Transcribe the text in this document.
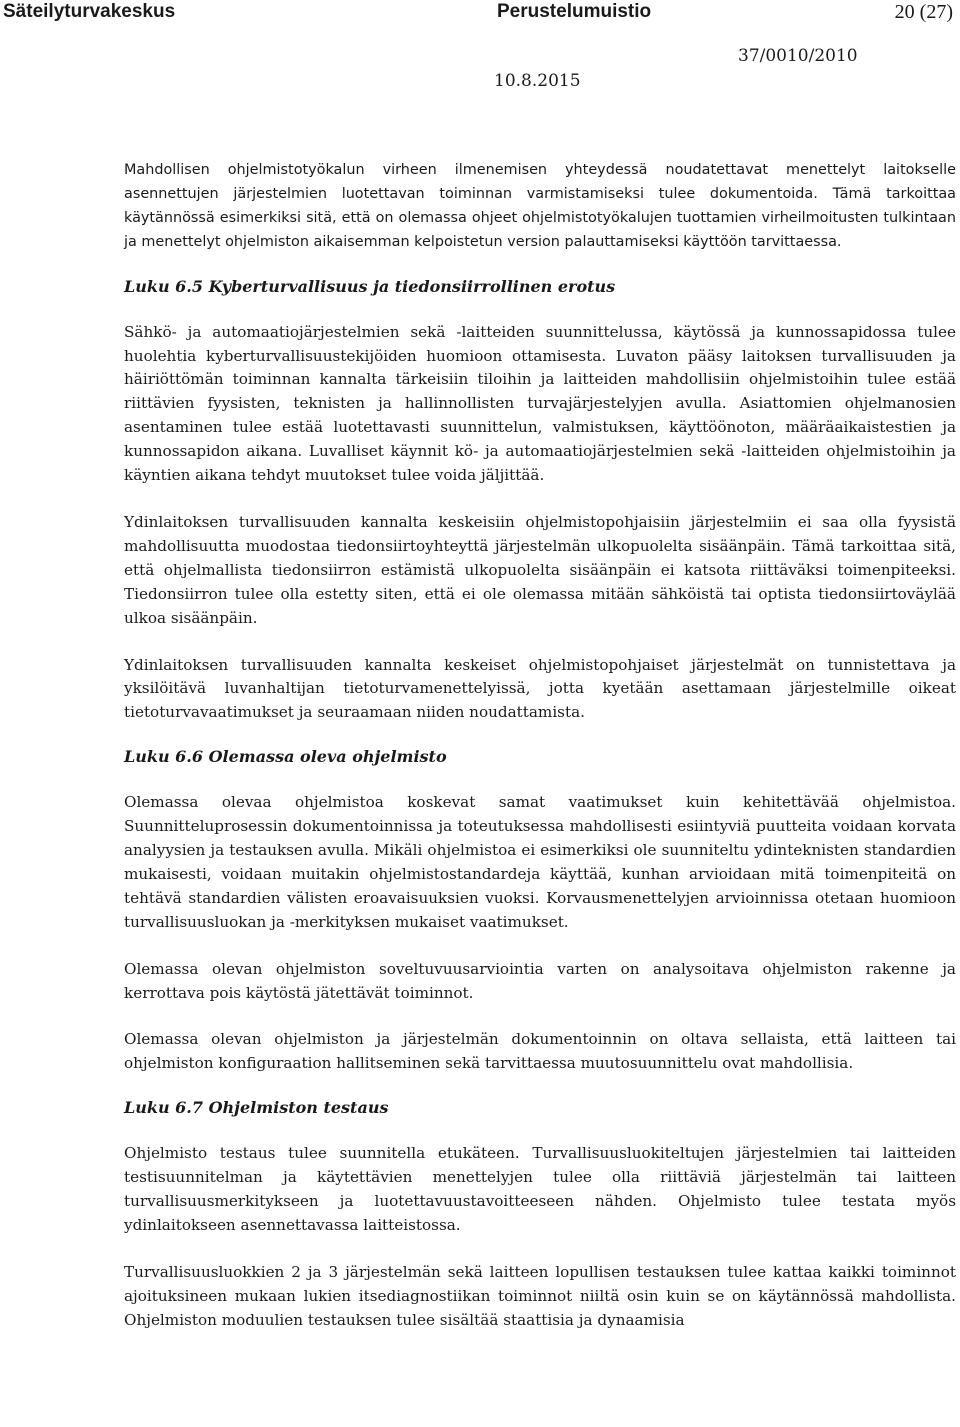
Säteilyturvakeskus	Perustelumuistio	20 (27)
37/0010/2010
10.8.2015

Mahdollisen ohjelmistotyökalun virheen ilmenemisen yhteydessä noudatettavat menettelyt laitokselle asennettujen järjestelmien luotettavan toiminnan varmistamiseksi tulee dokumentoida. Tämä tarkoittaa käytännössä esimerkiksi sitä, että on olemassa ohjeet ohjelmistotyökalujen tuottamien virheilmoitusten tulkintaan ja menettelyt ohjelmiston aikaisemman kelpoistetun version palauttamiseksi käyttöön tarvittaessa.

Luku 6.5 Kyberturvallisuus ja tiedonsiirrollinen erotus

Sähkö- ja automaatiojärjestelmien sekä -laitteiden suunnittelussa, käytössä ja kunnossapidossa tulee huolehtia kyberturvallisuustekijöiden huomioon ottamisesta. Luvaton pääsy laitoksen turvallisuuden ja häiriöttömän toiminnan kannalta tärkeisiin tiloihin ja laitteiden mahdollisiin ohjelmistoihin tulee estää riittävien fyysisten, teknisten ja hallinnollisten turvajärjestelyjen avulla. Asiattomien ohjelmanosien asentaminen tulee estää luotettavasti suunnittelun, valmistuksen, käyttöönoton, määräaikaistestien ja kunnossapidon aikana. Luvalliset käynnit kö- ja automaatiojärjestelmien sekä -laitteiden ohjelmistoihin ja käyntien aikana tehdyt muutokset tulee voida jäljittää.

Ydinlaitoksen turvallisuuden kannalta keskeisiin ohjelmistopohjaisiin järjestelmiin ei saa olla fyysistä mahdollisuutta muodostaa tiedonsiirtoyhteyttä järjestelmän ulkopuolelta sisäänpäin. Tämä tarkoittaa sitä, että ohjelmallista tiedonsiirron estämistä ulkopuolelta sisäänpäin ei katsota riittäväksi toimenpiteeksi. Tiedonsiirron tulee olla estetty siten, että ei ole olemassa mitään sähköistä tai optista tiedonsiirtoväylää ulkoa sisäänpäin.

Ydinlaitoksen turvallisuuden kannalta keskeiset ohjelmistopohjaiset järjestelmät on tunnistettava ja yksilöitävä luvanhaltijan tietoturvamenettelyissä, jotta kyetään asettamaan järjestelmille oikeat tietoturvavaatimukset ja seuraamaan niiden noudattamista.

Luku 6.6 Olemassa oleva ohjelmisto

Olemassa olevaa ohjelmistoa koskevat samat vaatimukset kuin kehitettävää ohjelmistoa. Suunnitteluprosessin dokumentoinnissa ja toteutuksessa mahdollisesti esiintyviä puutteita voidaan korvata analyysien ja testauksen avulla. Mikäli ohjelmistoa ei esimerkiksi ole suunniteltu ydinteknisten standardien mukaisesti, voidaan muitakin ohjelmistostandardeja käyttää, kunhan arvioidaan mitä toimenpiteitä on tehtävä standardien välisten eroavaisuuksien vuoksi. Korvausmenettelyjen arvioinnissa otetaan huomioon turvallisuusluokan ja -merkityksen mukaiset vaatimukset.

Olemassa olevan ohjelmiston soveltuvuusarviointia varten on analysoitava ohjelmiston rakenne ja kerrottava pois käytöstä jätettävät toiminnot.

Olemassa olevan ohjelmiston ja järjestelmän dokumentoinnin on oltava sellaista, että laitteen tai ohjelmiston konfiguraation hallitseminen sekä tarvittaessa muutosuunnittelu ovat mahdollisia.

Luku 6.7 Ohjelmiston testaus

Ohjelmisto testaus tulee suunnitella etukäteen. Turvallisuusluokiteltujen järjestelmien tai laitteiden testisuunnitelman ja käytettävien menettelyjen tulee olla riittäviä järjestelmän tai laitteen turvallisuusmerkitykseen ja luotettavuustavoitteeseen nähden. Ohjelmisto tulee testata myös ydinlaitokseen asennettavassa laitteistossa.

Turvallisuusluokkien 2 ja 3 järjestelmän sekä laitteen lopullisen testauksen tulee kattaa kaikki toiminnot ajoituksineen mukaan lukien itsediagnostiikan toiminnot niiltä osin kuin se on käytännössä mahdollista. Ohjelmiston moduulien testauksen tulee sisältää staattisia ja dynaamisia
